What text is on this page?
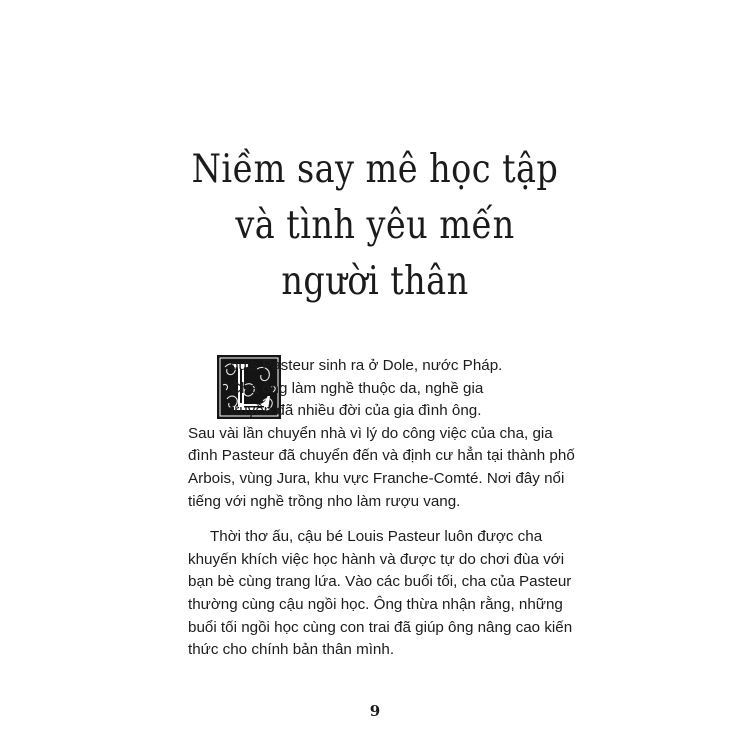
Niềm say mê học tập
và tình yêu mến
người thân

ouis Pasteur sinh ra ở Dole, nước Pháp.
Cha ông làm nghề thuộc da, nghề gia
truyền đã nhiều đời của gia đình ông.
Sau vài lần chuyển nhà vì lý do công việc của cha, gia
đình Pasteur đã chuyển đến và định cư hẳn tại thành phố
Arbois, vùng Jura, khu vực Franche-Comté. Nơi đây nổi
tiếng với nghề trồng nho làm rượu vang.

Thời thơ ấu, cậu bé Louis Pasteur luôn được cha
khuyến khích việc học hành và được tự do chơi đùa với
bạn bè cùng trang lứa. Vào các buổi tối, cha của Pasteur
thường cùng cậu ngồi học. Ông thừa nhận rằng, những
buổi tối ngồi học cùng con trai đã giúp ông nâng cao kiến
thức cho chính bản thân mình.

9
